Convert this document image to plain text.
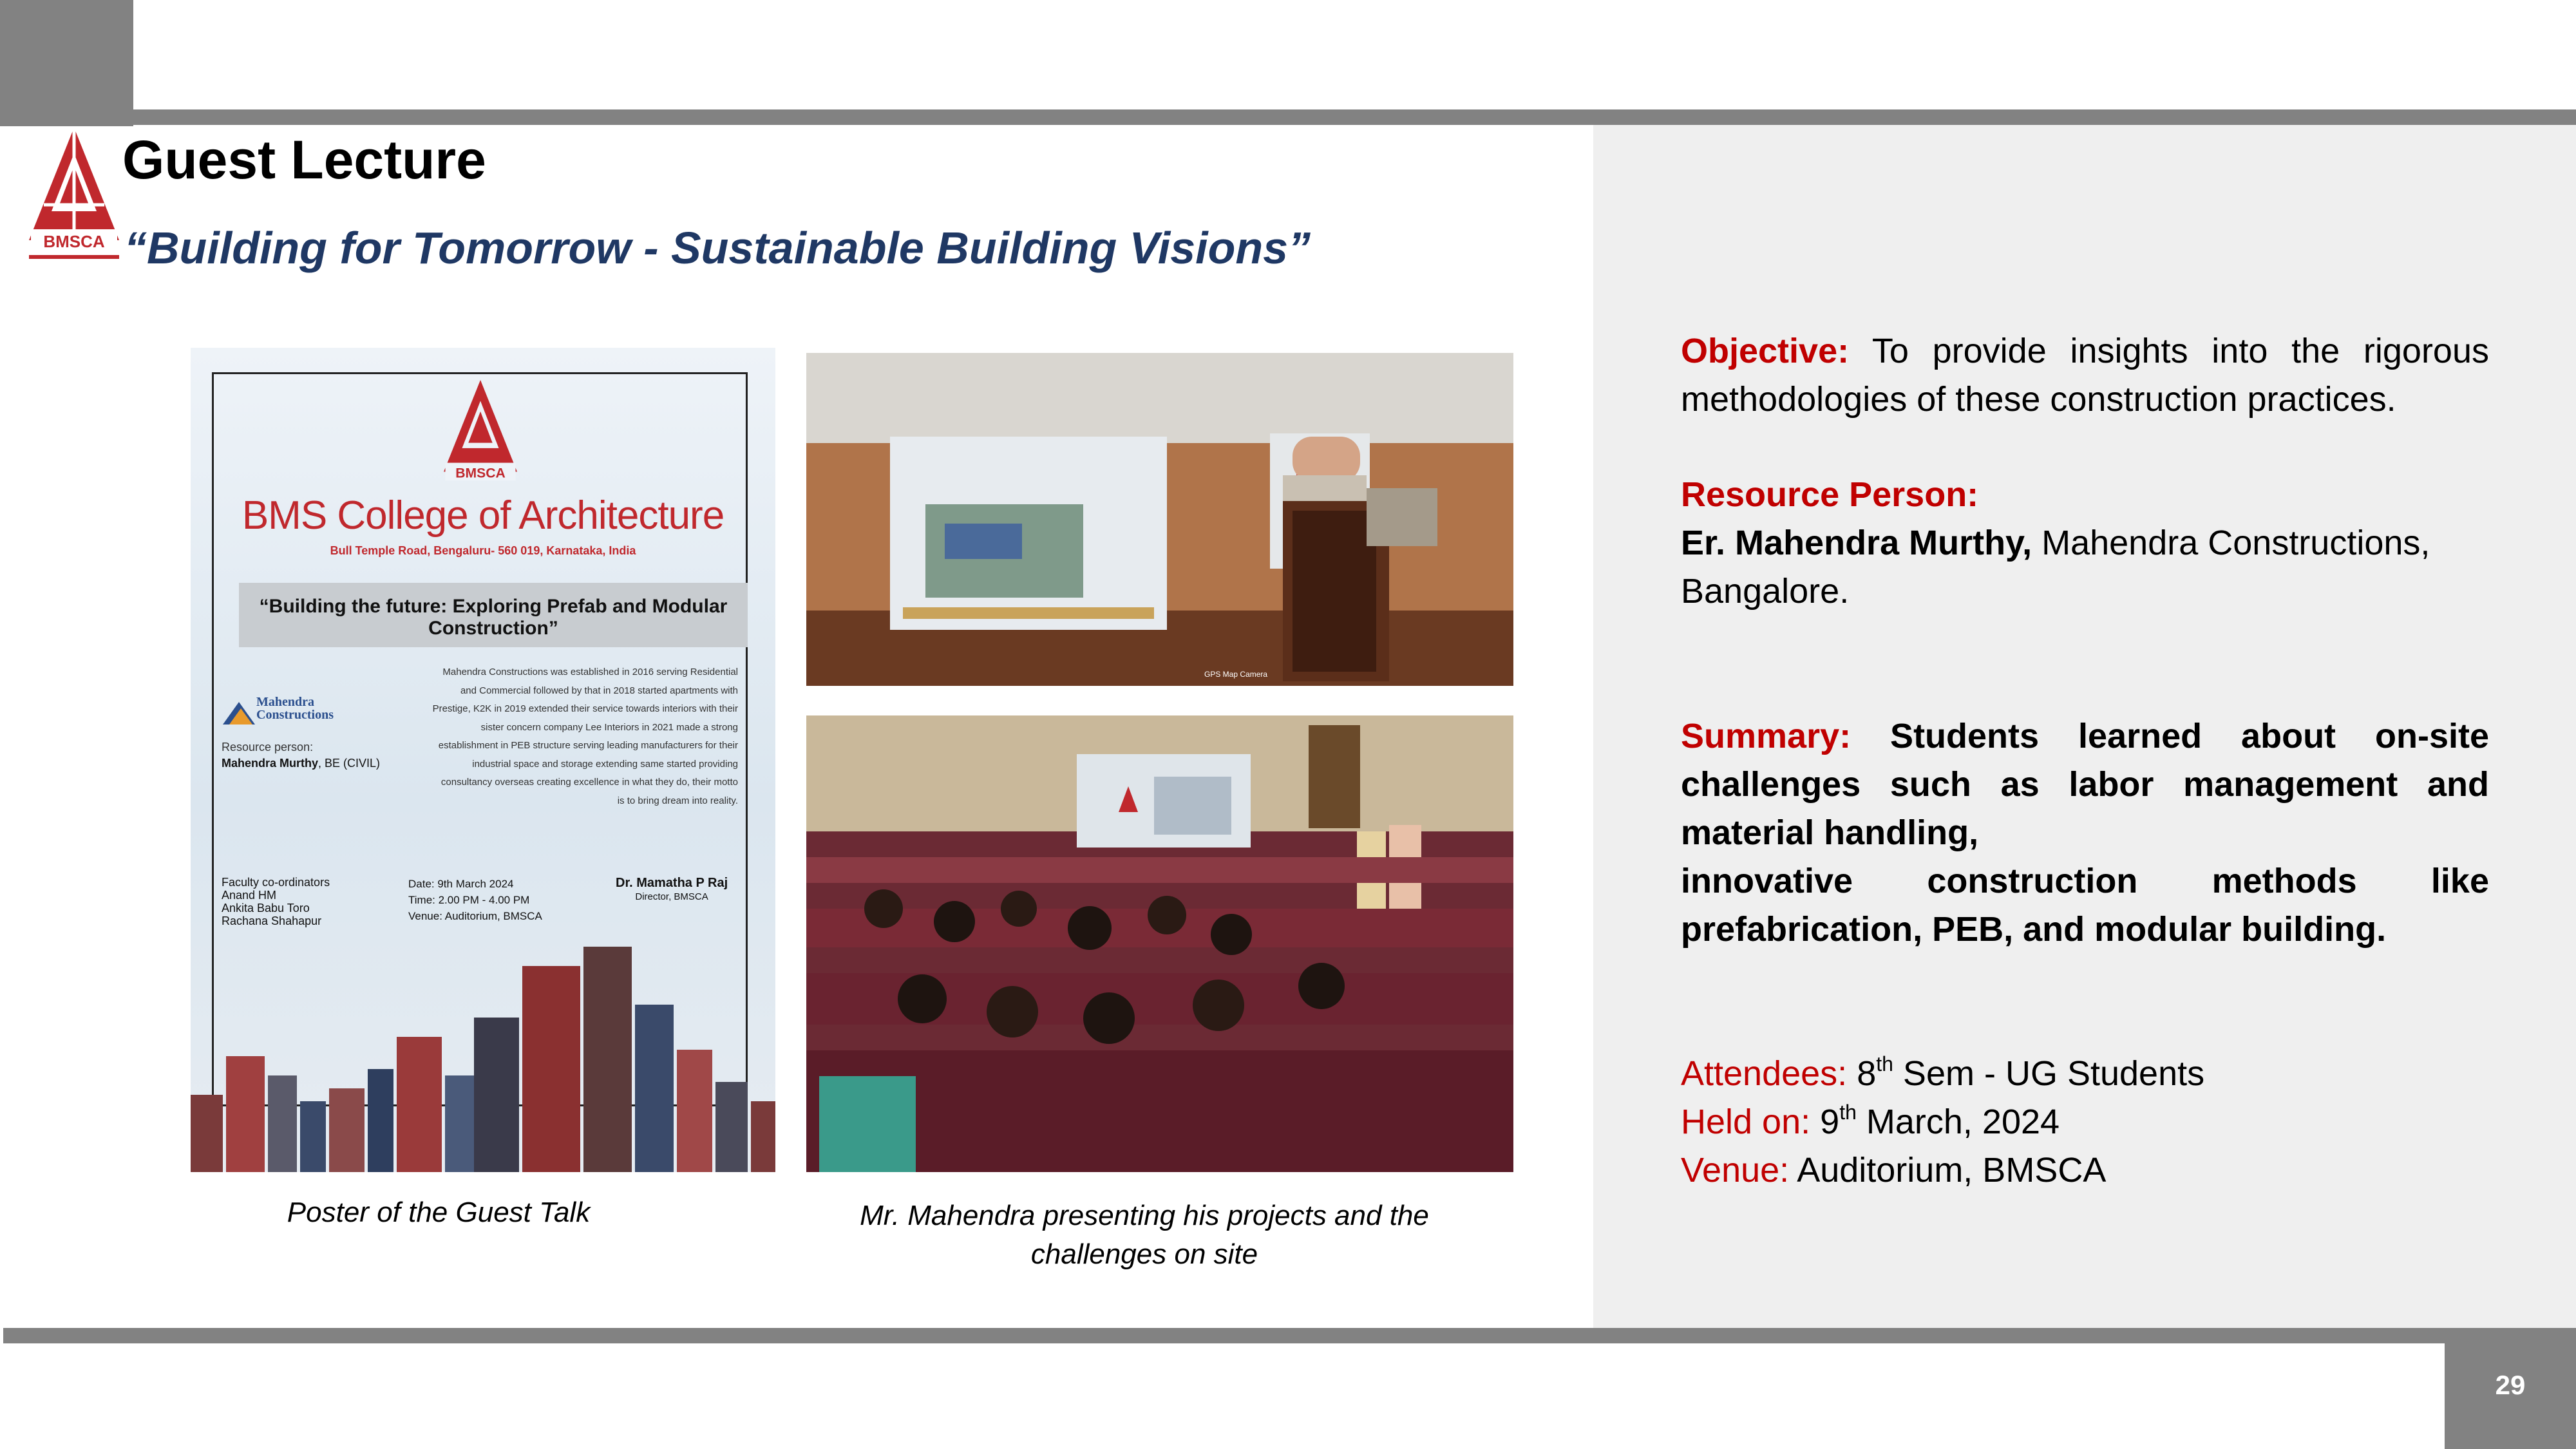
BMSCA
Guest Lecture
“Building for Tomorrow - Sustainable Building Visions”
BMSCA
BMS College of Architecture
Bull Temple Road, Bengaluru- 560 019, Karnataka, India
“Building the future: Exploring Prefab and Modular Construction”
Mahendra
Constructions
Mahendra Constructions was established in 2016 serving Residential and Commercial followed by that in 2018 started apartments with Prestige, K2K in 2019 extended their service towards interiors with their sister concern company Lee Interiors in 2021 made a strong establishment in PEB structure serving leading manufacturers for their industrial space and storage extending same started providing consultancy overseas creating excellence in what they do, their motto is to bring dream into reality.
Resource person:
Mahendra Murthy, BE (CIVIL)
Faculty co-ordinators
Anand HM
Ankita Babu Toro
Rachana Shahapur
Date: 9th March 2024
Time: 2.00 PM - 4.00 PM
Venue: Auditorium, BMSCA
Dr. Mamatha P Raj
Director, BMSCA
GPS Map Camera
Poster of the Guest Talk	Mr. Mahendra presenting his projects and the challenges on site
Objective: To provide insights into the rigorous methodologies of these construction practices.
Resource Person:
Er. Mahendra Murthy, Mahendra Constructions, Bangalore.
Summary: Students learned about on-site challenges such as labor management and material handling,
innovative construction methods like prefabrication, PEB, and modular building.
Attendees: 8th Sem - UG Students
Held on: 9th March, 2024
Venue: Auditorium, BMSCA
29
